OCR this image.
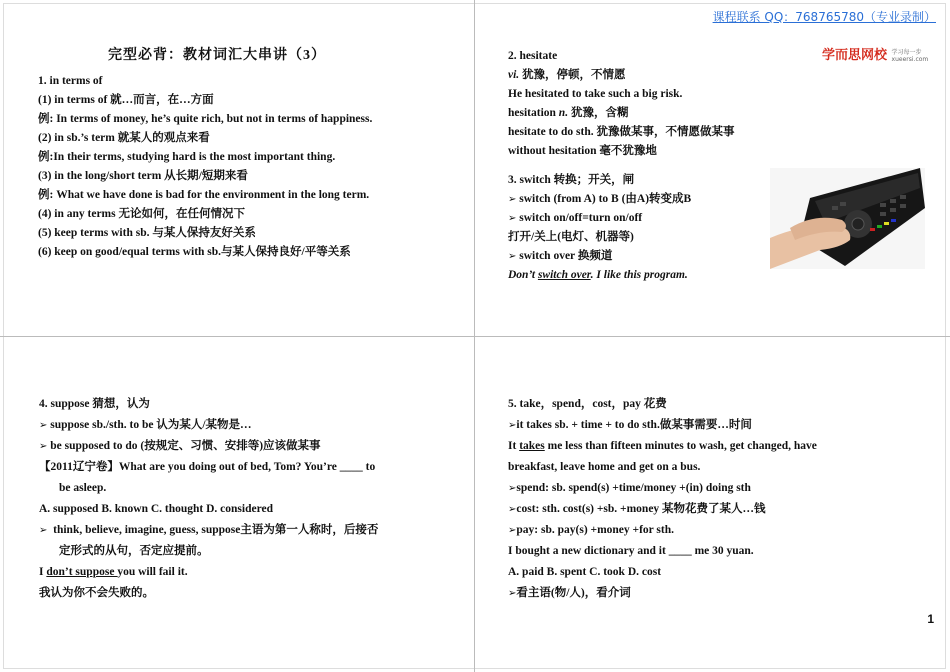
课程联系 QQ：768765780（专业录制）
学而思网校 学习每一步
xueersi.com
完型必背：教材词汇大串讲（3）
1. in terms of
(1) in terms of 就…而言，在…方面
例: In terms of money, he’s quite rich, but not in terms of happiness.
(2) in sb.’s term 就某人的观点来看
例:In their terms, studying hard is the most important thing.
(3) in the long/short term 从长期/短期来看
例: What we have done is bad for the environment in the long term.
(4) in any terms 无论如何，在任何情况下
(5) keep terms with sb. 与某人保持友好关系
(6) keep on good/equal terms with sb.与某人保持良好/平等关系
2. hesitate
vi. 犹豫，停顿，不情愿
He hesitated to take such a big risk.
hesitation n. 犹豫，含糊
hesitate to do sth. 犹豫做某事，不情愿做某事
without hesitation 毫不犹豫地
3. switch 转换；开关，闸
➢ switch (from A) to B (由A)转变成B
➢ switch on/off=turn on/off
打开/关上(电灯、机器等)
➢ switch over 换频道
Don’t switch over. I like this program.
4. suppose 猜想，认为
➢ suppose sb./sth. to be 认为某人/某物是…
➢ be supposed to do (按规定、习惯、安排等)应该做某事
【2011辽宁卷】What are you doing out of bed, Tom? You’re ____ to
be asleep.
A. supposed B. known C. thought D. considered
➢ think, believe, imagine, guess, suppose主语为第一人称时，后接否
定形式的从句，否定应提前。
I don’t suppose you will fail it.
我认为你不会失败的。
5. take，spend，cost，pay 花费
➢it takes sb. + time + to do sth.做某事需要…时间
It takes me less than fifteen minutes to wash, get changed, have
breakfast, leave home and get on a bus.
➢spend: sb. spend(s) +time/money +(in) doing sth
➢cost: sth. cost(s) +sb. +money 某物花费了某人…钱
➢pay: sb. pay(s) +money +for sth.
I bought a new dictionary and it ____ me 30 yuan.
A. paid B. spent C. took D. cost
➢看主语(物/人)，看介词
1
